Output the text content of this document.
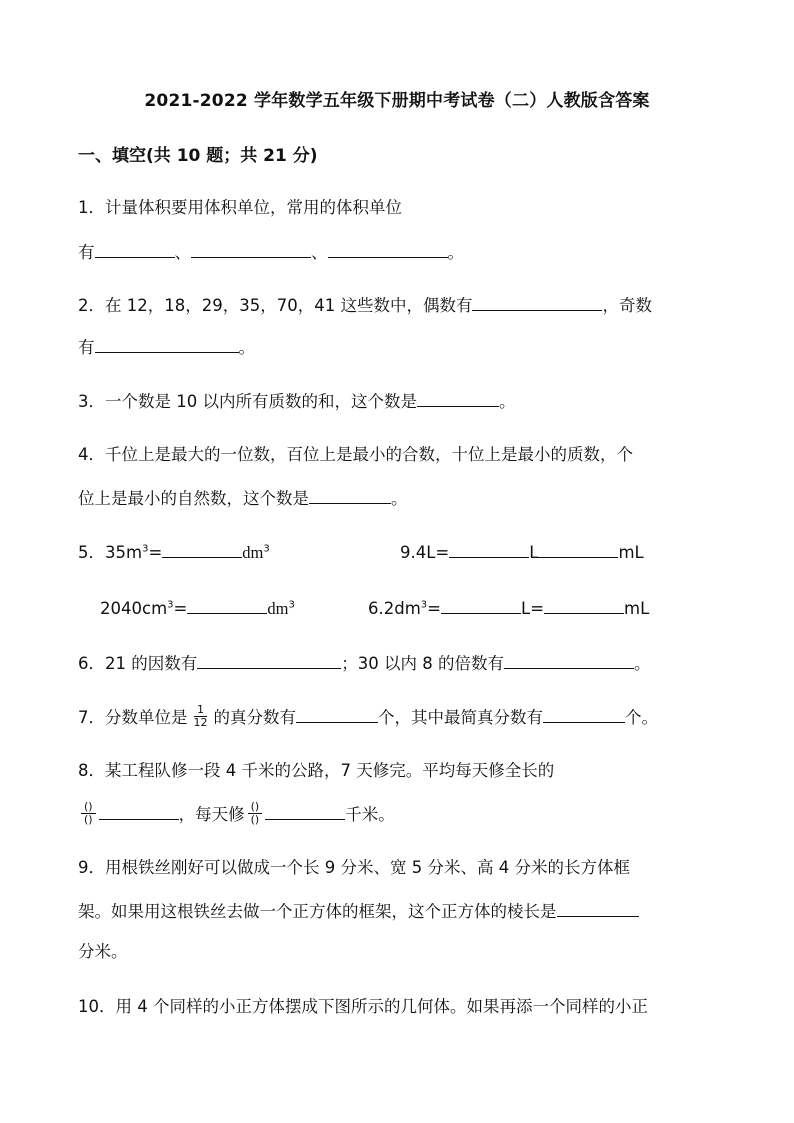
2021-2022 学年数学五年级下册期中考试卷（二）人教版含答案
一、填空(共 10 题；共 21 分)
1．计量体积要用体积单位，常用的体积单位
有	、	、	。
2．在 12，18，29，35，70，41 这些数中，偶数有	，奇数
有	。
3．一个数是 10 以内所有质数的和，这个数是	。
4．千位上是最大的一位数，百位上是最小的合数，十位上是最小的质数，个
位上是最小的自然数，这个数是	。
5．$35m^3=$	$dm^3$	9.4L=	L	mL
$2040cm^3=$	$dm^3$	$6.2dm^3=$	L=	mL
6．21 的因数有	；30 以内 8 的倍数有	。
7．分数单位是 $\frac{1}{12}$ 的真分数有	个，其中最简真分数有	个。
8．某工程队修一段 4 千米的公路，7 天修完。平均每天修全长的
$\frac{()}{()}$	，每天修 $\frac{()}{()}$	千米。
9．用根铁丝刚好可以做成一个长 9 分米、宽 5 分米、高 4 分米的长方体框
架。如果用这根铁丝去做一个正方体的框架，这个正方体的棱长是
分米。
10．用 4 个同样的小正方体摆成下图所示的几何体。如果再添一个同样的小正
